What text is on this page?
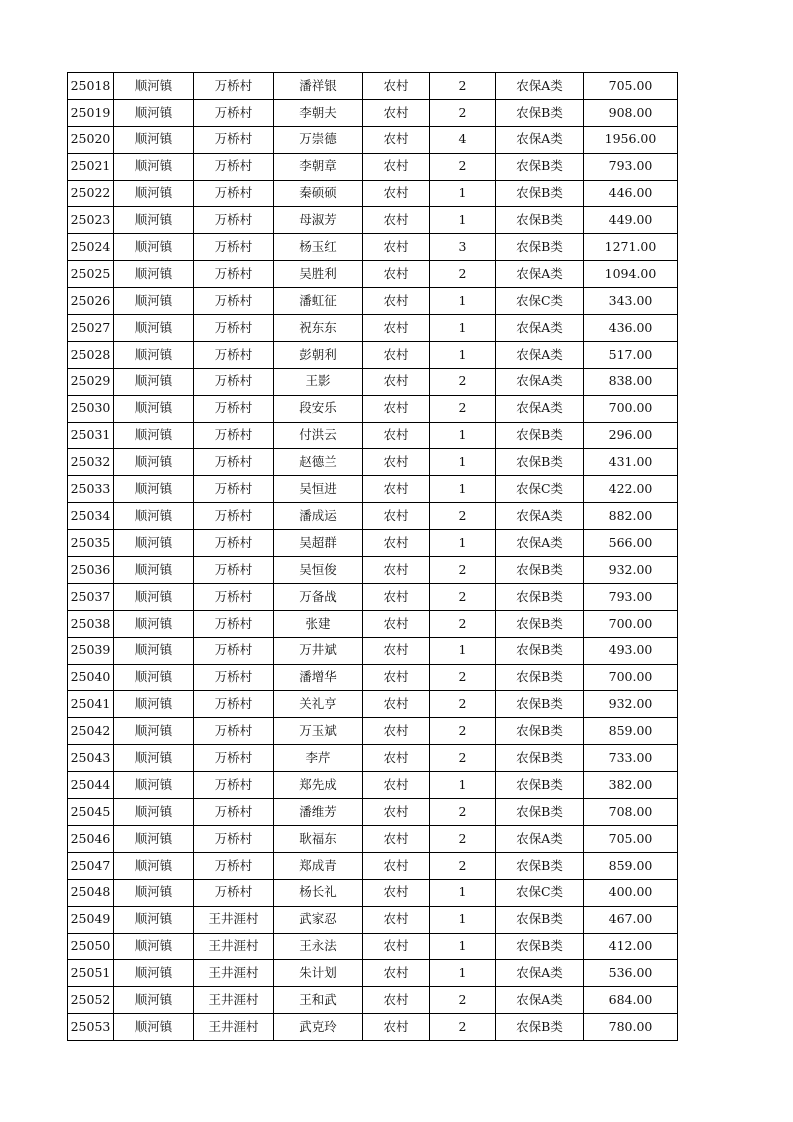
25018	顺河镇	万桥村	潘祥银	农村	2	农保A类	705.00
25019	顺河镇	万桥村	李朝夫	农村	2	农保B类	908.00
25020	顺河镇	万桥村	万崇德	农村	4	农保A类	1956.00
25021	顺河镇	万桥村	李朝章	农村	2	农保B类	793.00
25022	顺河镇	万桥村	秦硕硕	农村	1	农保B类	446.00
25023	顺河镇	万桥村	母淑芳	农村	1	农保B类	449.00
25024	顺河镇	万桥村	杨玉红	农村	3	农保B类	1271.00
25025	顺河镇	万桥村	吴胜利	农村	2	农保A类	1094.00
25026	顺河镇	万桥村	潘虹征	农村	1	农保C类	343.00
25027	顺河镇	万桥村	祝东东	农村	1	农保A类	436.00
25028	顺河镇	万桥村	彭朝利	农村	1	农保A类	517.00
25029	顺河镇	万桥村	王影	农村	2	农保A类	838.00
25030	顺河镇	万桥村	段安乐	农村	2	农保A类	700.00
25031	顺河镇	万桥村	付洪云	农村	1	农保B类	296.00
25032	顺河镇	万桥村	赵德兰	农村	1	农保B类	431.00
25033	顺河镇	万桥村	吴恒进	农村	1	农保C类	422.00
25034	顺河镇	万桥村	潘成运	农村	2	农保A类	882.00
25035	顺河镇	万桥村	吴超群	农村	1	农保A类	566.00
25036	顺河镇	万桥村	吴恒俊	农村	2	农保B类	932.00
25037	顺河镇	万桥村	万备战	农村	2	农保B类	793.00
25038	顺河镇	万桥村	张建	农村	2	农保B类	700.00
25039	顺河镇	万桥村	万井斌	农村	1	农保B类	493.00
25040	顺河镇	万桥村	潘增华	农村	2	农保B类	700.00
25041	顺河镇	万桥村	关礼亨	农村	2	农保B类	932.00
25042	顺河镇	万桥村	万玉斌	农村	2	农保B类	859.00
25043	顺河镇	万桥村	李芹	农村	2	农保B类	733.00
25044	顺河镇	万桥村	郑先成	农村	1	农保B类	382.00
25045	顺河镇	万桥村	潘维芳	农村	2	农保B类	708.00
25046	顺河镇	万桥村	耿福东	农村	2	农保A类	705.00
25047	顺河镇	万桥村	郑成青	农村	2	农保B类	859.00
25048	顺河镇	万桥村	杨长礼	农村	1	农保C类	400.00
25049	顺河镇	王井涯村	武家忍	农村	1	农保B类	467.00
25050	顺河镇	王井涯村	王永法	农村	1	农保B类	412.00
25051	顺河镇	王井涯村	朱计划	农村	1	农保A类	536.00
25052	顺河镇	王井涯村	王和武	农村	2	农保A类	684.00
25053	顺河镇	王井涯村	武克玲	农村	2	农保B类	780.00
